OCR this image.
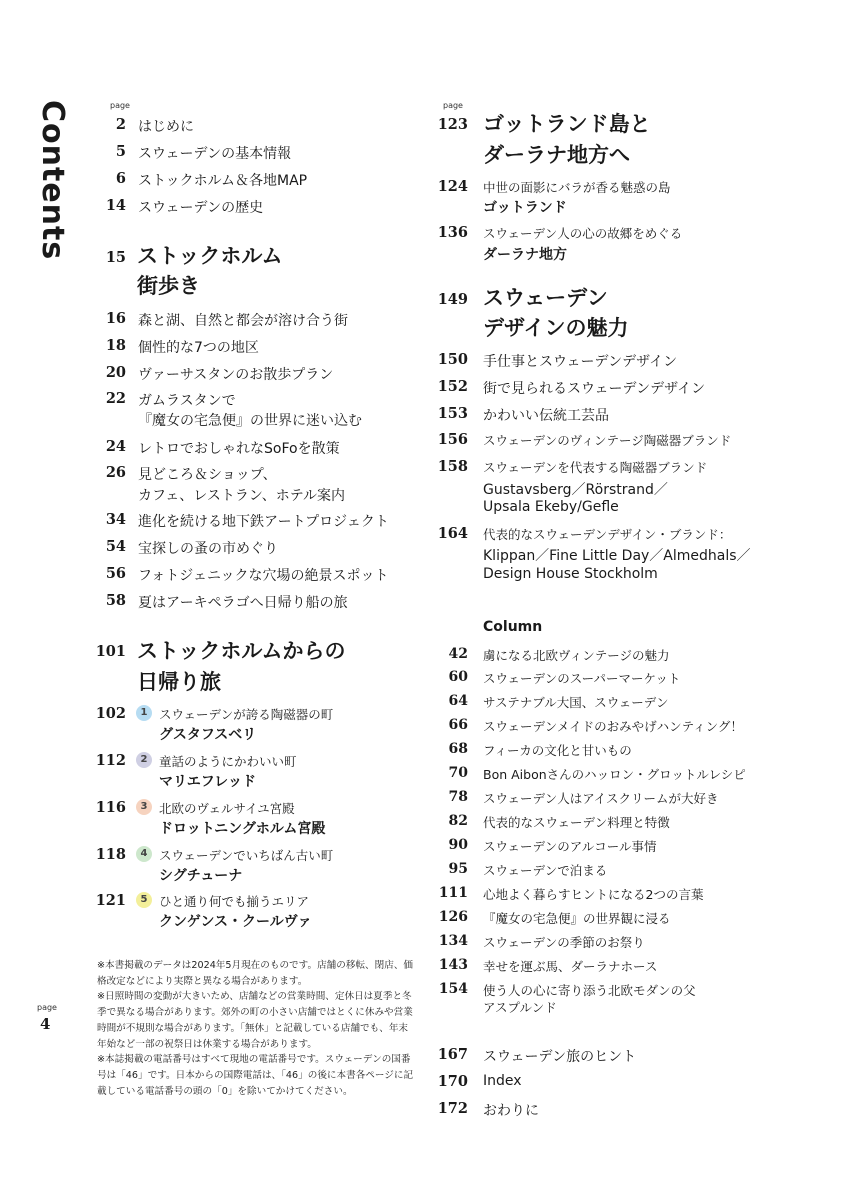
Contents
page
4
page
2 はじめに
5 スウェーデンの基本情報
6 ストックホルム＆各地MAP
14 スウェーデンの歴史
15 ストックホルム
街歩き
16 森と湖、自然と都会が溶け合う街
18 個性的な7つの地区
20 ヴァーサスタンのお散歩プラン
22 ガムラスタンで
『魔女の宅急便』の世界に迷い込む
24 レトロでおしゃれなSoFoを散策
26 見どころ＆ショップ、
カフェ、レストラン、ホテル案内
34 進化を続ける地下鉄アートプロジェクト
54 宝探しの蚤の市めぐり
56 フォトジェニックな穴場の絶景スポット
58 夏はアーキペラゴへ日帰り船の旅
101 ストックホルムからの
日帰り旅
102	1 スウェーデンが誇る陶磁器の町
グスタフスベリ
112	2 童話のようにかわいい町
マリエフレッド
116	3 北欧のヴェルサイユ宮殿
ドロットニングホルム宮殿
118	4 スウェーデンでいちばん古い町
シグチューナ
121	5 ひと通り何でも揃うエリア
クンゲンス・クールヴァ
※本書掲載のデータは2024年5月現在のものです。店舗の移転、閉店、価格改定などにより実際と異なる場合があります。
※日照時間の変動が大きいため、店舗などの営業時間、定休日は夏季と冬季で異なる場合があります。郊外の町の小さい店舗ではとくに休みや営業時間が不規則な場合があります。「無休」と記載している店舗でも、年末年始など一部の祝祭日は休業する場合があります。
※本誌掲載の電話番号はすべて現地の電話番号です。スウェーデンの国番号は「46」です。日本からの国際電話は、「46」の後に本書各ページに記載している電話番号の頭の「0」を除いてかけてください。
page
123 ゴットランド島と
ダーラナ地方へ
124 中世の面影にバラが香る魅惑の島
ゴットランド
136 スウェーデン人の心の故郷をめぐる
ダーラナ地方
149 スウェーデン
デザインの魅力
150 手仕事とスウェーデンデザイン
152 街で見られるスウェーデンデザイン
153 かわいい伝統工芸品
156 スウェーデンのヴィンテージ陶磁器ブランド
158 スウェーデンを代表する陶磁器ブランド
Gustavsberg／Rörstrand／
Upsala Ekeby/Gefle
164 代表的なスウェーデンデザイン・ブランド：
Klippan／Fine Little Day／Almedhals／
Design House Stockholm
Column
42 虜になる北欧ヴィンテージの魅力
60 スウェーデンのスーパーマーケット
64 サステナブル大国、スウェーデン
66 スウェーデンメイドのおみやげハンティング！
68 フィーカの文化と甘いもの
70 Bon Aibonさんのハッロン・グロットルレシピ
78 スウェーデン人はアイスクリームが大好き
82 代表的なスウェーデン料理と特徴
90 スウェーデンのアルコール事情
95 スウェーデンで泊まる
111 心地よく暮らすヒントになる2つの言葉
126 『魔女の宅急便』の世界観に浸る
134 スウェーデンの季節のお祭り
143 幸せを運ぶ馬、ダーラナホース
154 使う人の心に寄り添う北欧モダンの父
アスプルンド
167 スウェーデン旅のヒント
170 Index
172 おわりに
